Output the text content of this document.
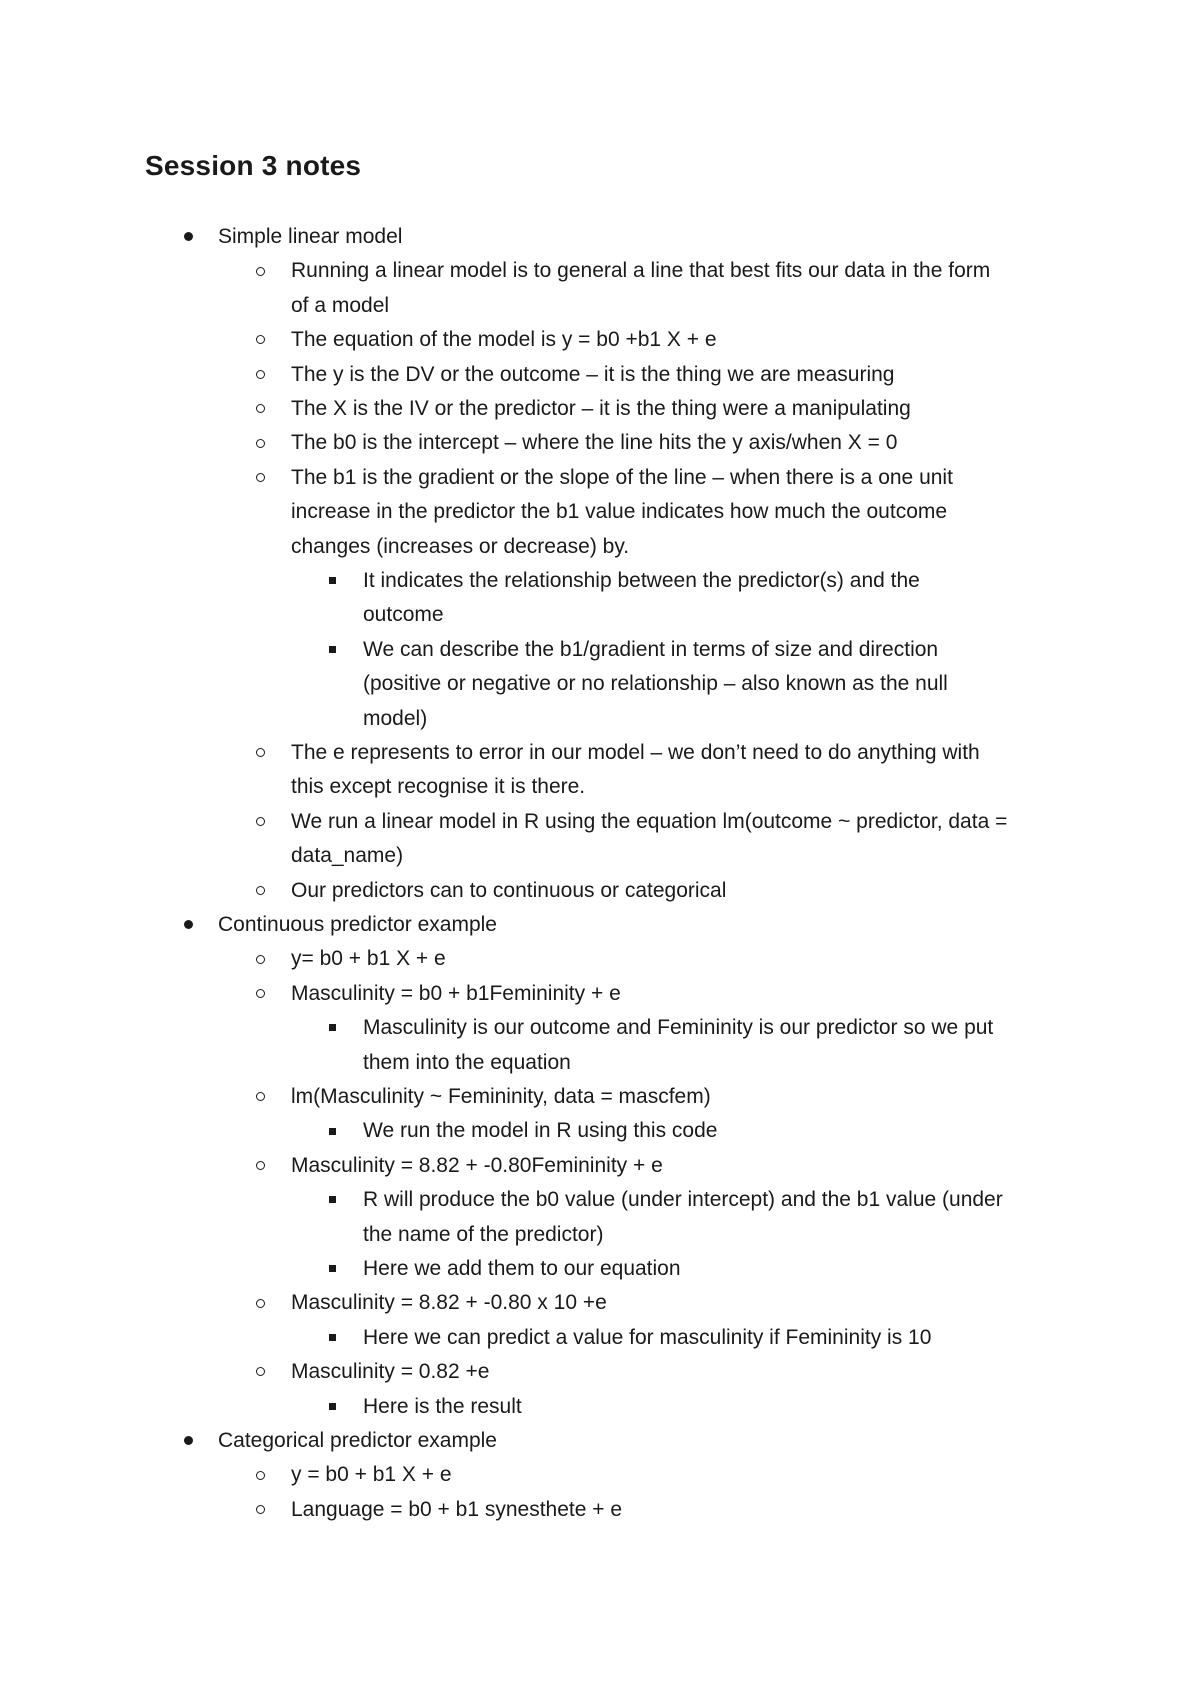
Session 3 notes
Simple linear model
Running a linear model is to general a line that best fits our data in the form
of a model
The equation of the model is y = b0 +b1 X + e
The y is the DV or the outcome – it is the thing we are measuring
The X is the IV or the predictor – it is the thing were a manipulating
The b0 is the intercept – where the line hits the y axis/when X = 0
The b1 is the gradient or the slope of the line – when there is a one unit
increase in the predictor the b1 value indicates how much the outcome
changes (increases or decrease) by.
It indicates the relationship between the predictor(s) and the
outcome
We can describe the b1/gradient in terms of size and direction
(positive or negative or no relationship – also known as the null
model)
The e represents to error in our model – we don’t need to do anything with
this except recognise it is there.
We run a linear model in R using the equation lm(outcome ~ predictor, data =
data_name)
Our predictors can to continuous or categorical
Continuous predictor example
y= b0 + b1 X + e
Masculinity = b0 + b1Femininity + e
Masculinity is our outcome and Femininity is our predictor so we put
them into the equation
lm(Masculinity ~ Femininity, data = mascfem)
We run the model in R using this code
Masculinity = 8.82 + -0.80Femininity + e
R will produce the b0 value (under intercept) and the b1 value (under
the name of the predictor)
Here we add them to our equation
Masculinity = 8.82 + -0.80 x 10 +e
Here we can predict a value for masculinity if Femininity is 10
Masculinity = 0.82 +e
Here is the result
Categorical predictor example
y = b0 + b1 X + e
Language = b0 + b1 synesthete + e
